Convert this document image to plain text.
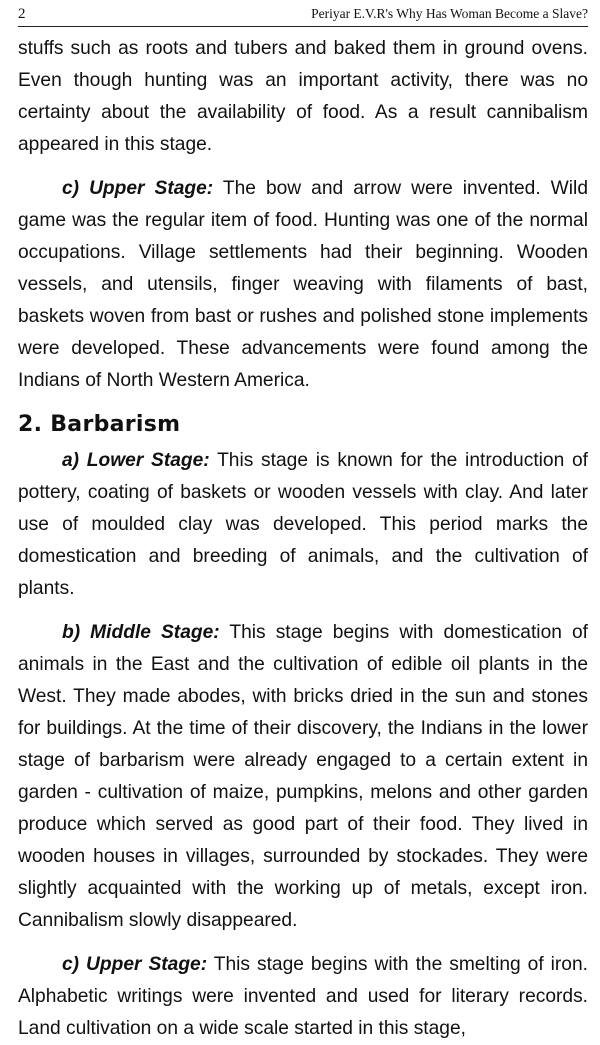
2	Periyar E.V.R's Why Has Woman Become a Slave?

stuffs such as roots and tubers and baked them in ground ovens. Even though hunting was an important activity, there was no certainty about the availability of food. As a result cannibalism appeared in this stage.

c) Upper Stage: The bow and arrow were invented. Wild game was the regular item of food. Hunting was one of the normal occupations. Village settlements had their beginning. Wooden vessels, and utensils, finger weaving with filaments of bast, baskets woven from bast or rushes and polished stone implements were developed. These advancements were found among the Indians of North Western America.

2. Barbarism

a) Lower Stage: This stage is known for the introduction of pottery, coating of baskets or wooden vessels with clay. And later use of moulded clay was developed. This period marks the domestication and breeding of animals, and the cultivation of plants.

b) Middle Stage: This stage begins with domestication of animals in the East and the cultivation of edible oil plants in the West. They made abodes, with bricks dried in the sun and stones for buildings. At the time of their discovery, the Indians in the lower stage of barbarism were already engaged to a certain extent in garden - cultivation of maize, pumpkins, melons and other garden produce which served as good part of their food. They lived in wooden houses in villages, surrounded by stockades. They were slightly acquainted with the working up of metals, except iron. Cannibalism slowly disappeared.

c) Upper Stage: This stage begins with the smelting of iron. Alphabetic writings were invented and used for literary records. Land cultivation on a wide scale started in this stage,
